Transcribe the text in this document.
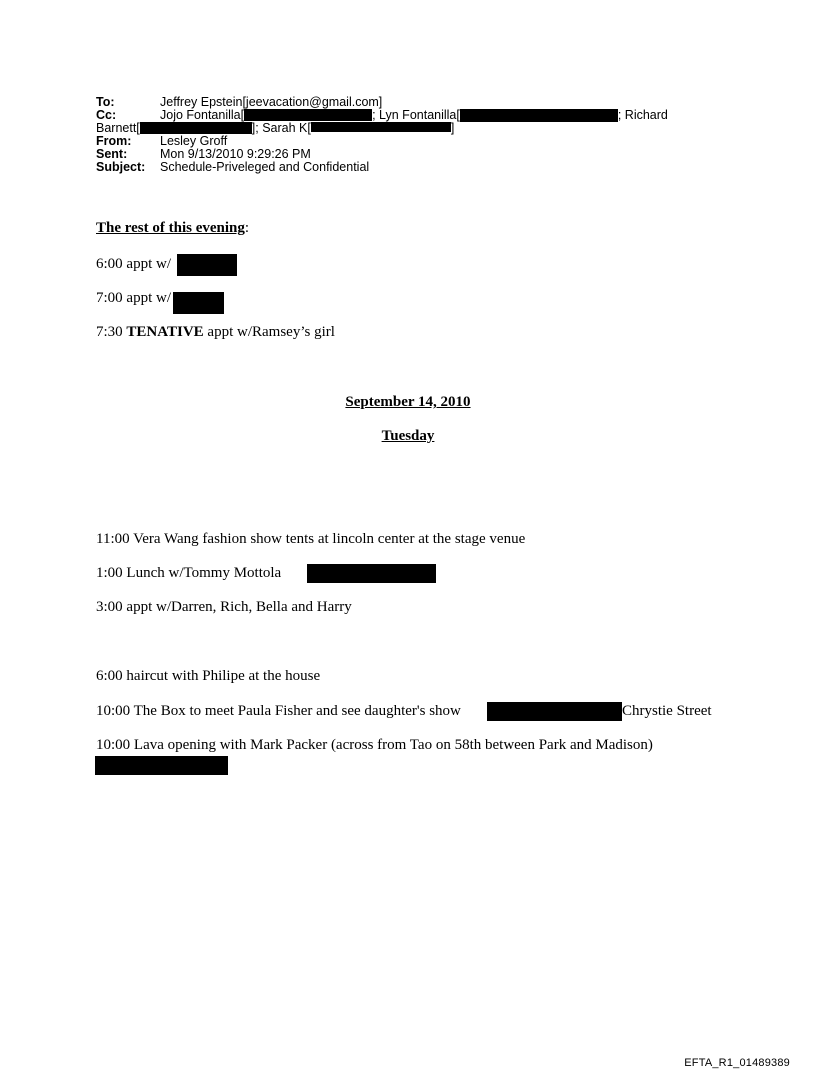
To:	Jeffrey Epstein[jeevacation@gmail.com]
Cc:	Jojo Fontanilla[	; Lyn Fontanilla[	; Richard
Barnett[	]; Sarah K[	]
From: Lesley Groff
Sent:	Mon 9/13/2010 9:29:26 PM
Subject: Schedule-Priveleged and Confidential
The rest of this evening:
6:00 appt w/
7:00 appt w/
7:30 TENATIVE appt w/Ramsey’s girl
September 14, 2010
Tuesday
11:00 Vera Wang fashion show tents at lincoln center at the stage venue
1:00 Lunch w/Tommy Mottola
3:00 appt w/Darren, Rich, Bella and Harry
6:00 haircut with Philipe at the house
10:00 The Box to meet Paula Fisher and see daughter's show	Chrystie Street
10:00 Lava opening with Mark Packer (across from Tao on 58th between Park and Madison)
EFTA_R1_01489389
